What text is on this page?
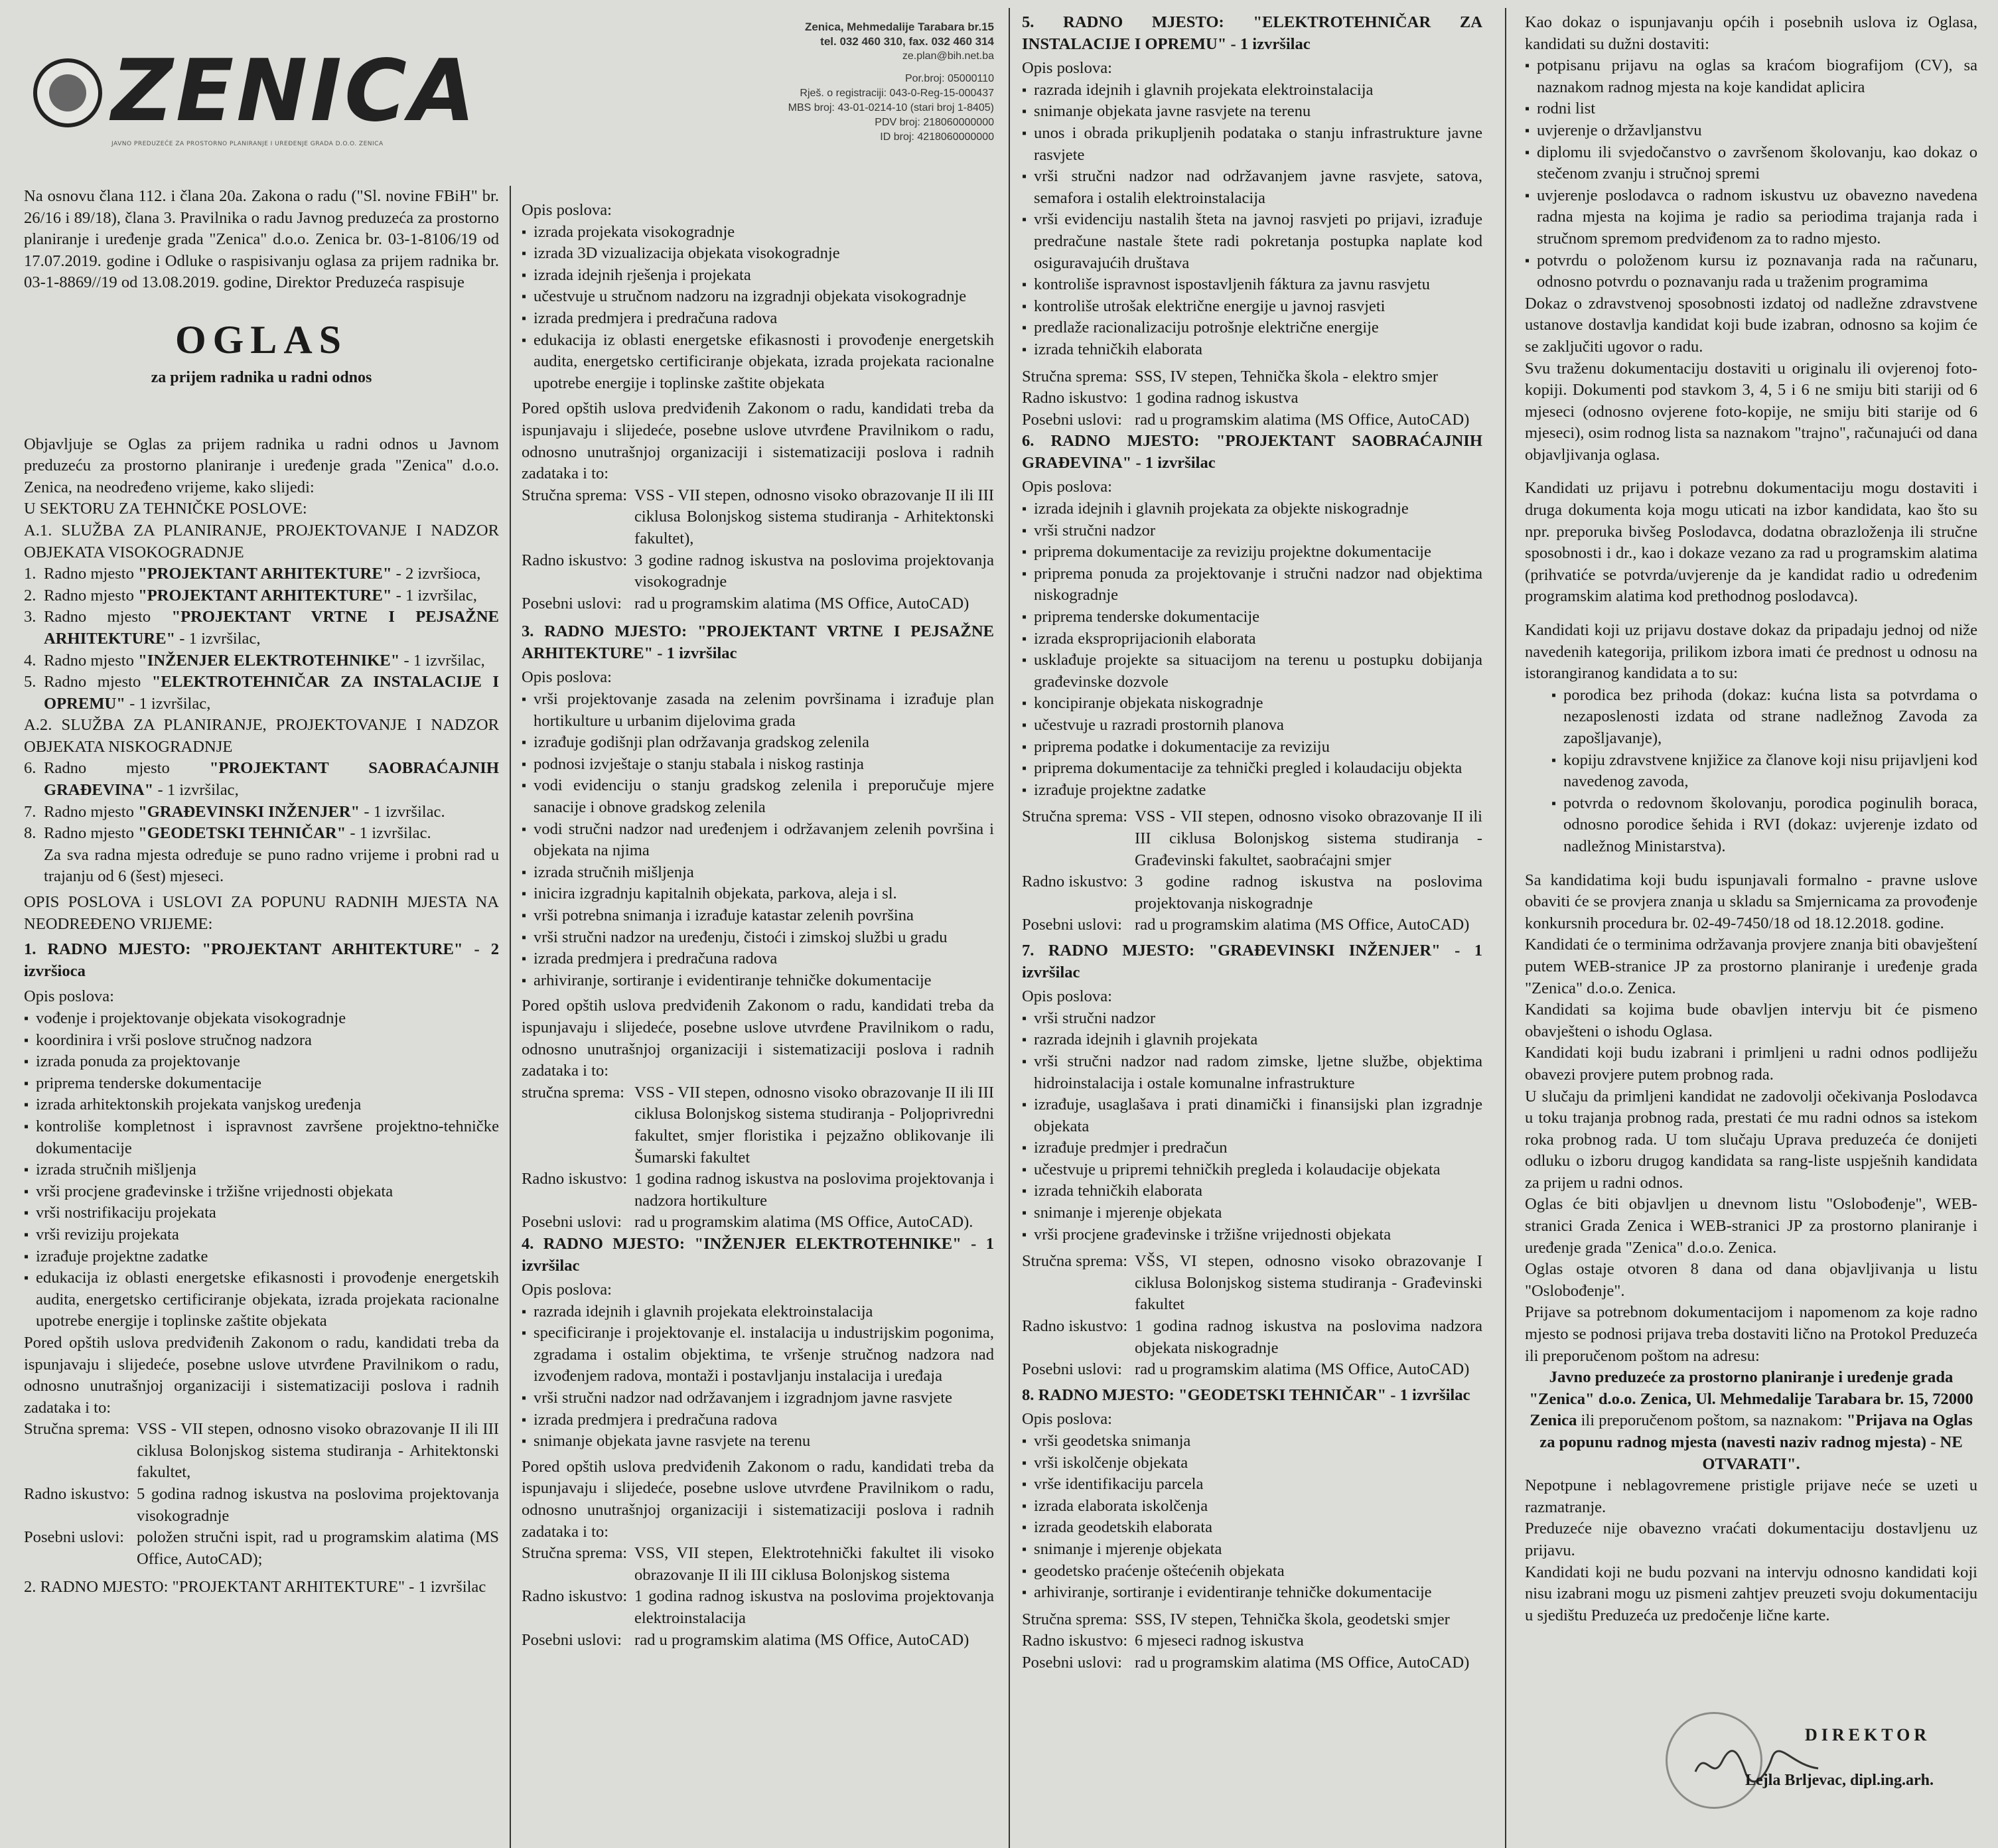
ZENICA
JAVNO PREDUZEĆE ZA PROSTORNO PLANIRANJE I UREĐENJE GRADA D.O.O. ZENICA
Zenica, Mehmedalije Tarabara br.15
tel. 032 460 310, fax. 032 460 314
ze.plan@bih.net.ba
Por.broj: 05000110
Rješ. o registraciji: 043-0-Reg-15-000437
MBS broj: 43-01-0214-10 (stari broj 1-8405)
PDV broj: 218060000000
ID broj: 4218060000000

Na osnovu člana 112. i člana 20a. Zakona o radu ("Sl. novine FBiH" br. 26/16 i 89/18), člana 3. Pravilnika o radu Javnog preduzeća za prostorno planiranje i uređenje grada "Zenica" d.o.o. Zenica br. 03-1-8106/19 od 17.07.2019. godine i Odluke o raspisivanju oglasa za prijem radnika br. 03-1-8869//19 od 13.08.2019. godine, Direktor Preduzeća raspisuje

OGLAS
za prijem radnika u radni odnos

Objavljuje se Oglas za prijem radnika u radni odnos u Javnom preduzeću za prostorno planiranje i uređenje grada "Zenica" d.o.o. Zenica, na neodređeno vrijeme, kako slijedi:

U SEKTORU ZA TEHNIČKE POSLOVE:

A.1. SLUŽBA ZA PLANIRANJE, PROJEKTOVANJE I NADZOR OBJEKATA VISOKOGRADNJE

1. Radno mjesto "PROJEKTANT ARHITEKTURE" - 2 izvršioca,
2. Radno mjesto "PROJEKTANT ARHITEKTURE" - 1 izvršilac,
3. Radno mjesto "PROJEKTANT VRTNE I PEJSAŽNE ARHITEKTURE" - 1 izvršilac,
4. Radno mjesto "INŽENJER ELEKTROTEHNIKE" - 1 izvršilac,
5. Radno mjesto "ELEKTROTEHNIČAR ZA INSTALACIJE I OPREMU" - 1 izvršilac,

A.2. SLUŽBA ZA PLANIRANJE, PROJEKTOVANJE I NADZOR OBJEKATA NISKOGRADNJE

6. Radno mjesto "PROJEKTANT SAOBRAĆAJNIH GRAĐEVINA" - 1 izvršilac,
7. Radno mjesto "GRAĐEVINSKI INŽENJER" - 1 izvršilac.
8. Radno mjesto "GEODETSKI TEHNIČAR" - 1 izvršilac.
Za sva radna mjesta određuje se puno radno vrijeme i probni rad u trajanju od 6 (šest) mjeseci.

OPIS POSLOVA i USLOVI ZA POPUNU RADNIH MJESTA NA NEODREĐENO VRIJEME:

1. RADNO MJESTO: "PROJEKTANT ARHITEKTURE" - 2 izvršioca

Opis poslova:

▪ vođenje i projektovanje objekata visokogradnje
▪ koordinira i vrši poslove stručnog nadzora
▪ izrada ponuda za projektovanje
▪ priprema tenderske dokumentacije
▪ izrada arhitektonskih projekata vanjskog uređenja
▪ kontroliše kompletnost i ispravnost završene projektno-tehničke dokumentacije
▪ izrada stručnih mišljenja
▪ vrši procjene građevinske i tržišne vrijednosti objekata
▪ vrši nostrifikaciju projekata
▪ vrši reviziju projekata
▪ izrađuje projektne zadatke
▪ edukacija iz oblasti energetske efikasnosti i provođenje energetskih audita, energetsko certificiranje objekata, izrada projekata racionalne upotrebe energije i toplinske zaštite objekata

Pored opštih uslova predviđenih Zakonom o radu, kandidati treba da ispunjavaju i slijedeće, posebne uslove utvrđene Pravilnikom o radu, odnosno unutrašnjoj organizaciji i sistematizaciji poslova i radnih zadataka i to:

Stručna sprema: VSS - VII stepen, odnosno visoko obrazovanje II ili III ciklusa Bolonjskog sistema studiranja - Arhitektonski fakultet,
Radno iskustvo: 5 godina radnog iskustva na poslovima projektovanja visokogradnje
Posebni uslovi: položen stručni ispit, rad u programskim alatima (MS Office, AutoCAD);

2. RADNO MJESTO: "PROJEKTANT ARHITEKTURE" - 1 izvršilac

Opis poslova:

▪ izrada projekata visokogradnje
▪ izrada 3D vizualizacija objekata visokogradnje
▪ izrada idejnih rješenja i projekata
▪ učestvuje u stručnom nadzoru na izgradnji objekata visokogradnje
▪ izrada predmjera i predračuna radova
▪ edukacija iz oblasti energetske efikasnosti i provođenje energetskih audita, energetsko certificiranje objekata, izrada projekata racionalne upotrebe energije i toplinske zaštite objekata

Pored opštih uslova predviđenih Zakonom o radu, kandidati treba da ispunjavaju i slijedeće, posebne uslove utvrđene Pravilnikom o radu, odnosno unutrašnjoj organizaciji i sistematizaciji poslova i radnih zadataka i to:

Stručna sprema: VSS - VII stepen, odnosno visoko obrazovanje II ili III ciklusa Bolonjskog sistema studiranja - Arhitektonski fakultet),
Radno iskustvo: 3 godine radnog iskustva na poslovima projektovanja visokogradnje
Posebni uslovi: rad u programskim alatima (MS Office, AutoCAD)

3. RADNO MJESTO: "PROJEKTANT VRTNE I PEJSAŽNE ARHITEKTURE" - 1 izvršilac

Opis poslova:

▪ vrši projektovanje zasada na zelenim površinama i izrađuje plan hortikulture u urbanim dijelovima grada
▪ izrađuje godišnji plan održavanja gradskog zelenila
▪ podnosi izvještaje o stanju stabala i niskog rastinja
▪ vodi evidenciju o stanju gradskog zelenila i preporučuje mjere sanacije i obnove gradskog zelenila
▪ vodi stručni nadzor nad uređenjem i održavanjem zelenih površina i objekata na njima
▪ izrada stručnih mišljenja
▪ inicira izgradnju kapitalnih objekata, parkova, aleja i sl.
▪ vrši potrebna snimanja i izrađuje katastar zelenih površina
▪ vrši stručni nadzor na uređenju, čistoći i zimskoj službi u gradu
▪ izrada predmjera i predračuna radova
▪ arhiviranje, sortiranje i evidentiranje tehničke dokumentacije

Pored opštih uslova predviđenih Zakonom o radu, kandidati treba da ispunjavaju i slijedeće, posebne uslove utvrđene Pravilnikom o radu, odnosno unutrašnjoj organizaciji i sistematizaciji poslova i radnih zadataka i to:

stručna sprema: VSS - VII stepen, odnosno visoko obrazovanje II ili III ciklusa Bolonjskog sistema studiranja - Poljoprivredni fakultet, smjer floristika i pejzažno oblikovanje ili Šumarski fakultet
Radno iskustvo: 1 godina radnog iskustva na poslovima projektovanja i nadzora hortikulture
Posebni uslovi: rad u programskim alatima (MS Office, AutoCAD).

4. RADNO MJESTO: "INŽENJER ELEKTROTEHNIKE" - 1 izvršilac

Opis poslova:

▪ razrada idejnih i glavnih projekata elektroinstalacija
▪ specificiranje i projektovanje el. instalacija u industrijskim pogonima, zgradama i ostalim objektima, te vršenje stručnog nadzora nad izvođenjem radova, montaži i postavljanju instalacija i uređaja
▪ vrši stručni nadzor nad održavanjem i izgradnjom javne rasvjete
▪ izrada predmjera i predračuna radova
▪ snimanje objekata javne rasvjete na terenu

Pored opštih uslova predviđenih Zakonom o radu, kandidati treba da ispunjavaju i slijedeće, posebne uslove utvrđene Pravilnikom o radu, odnosno unutrašnjoj organizaciji i sistematizaciji poslova i radnih zadataka i to:

Stručna sprema: VSS, VII stepen, Elektrotehnički fakultet ili visoko obrazovanje II ili III ciklusa Bolonjskog sistema
Radno iskustvo: 1 godina radnog iskustva na poslovima projektovanja elektroinstalacija
Posebni uslovi: rad u programskim alatima (MS Office, AutoCAD)

5. RADNO MJESTO: "ELEKTROTEHNIČAR ZA INSTALACIJE I OPREMU" - 1 izvršilac

Opis poslova:

▪ razrada idejnih i glavnih projekata elektroinstalacija
▪ snimanje objekata javne rasvjete na terenu
▪ unos i obrada prikupljenih podataka o stanju infrastrukture javne rasvjete
▪ vrši stručni nadzor nad održavanjem javne rasvjete, satova, semafora i ostalih elektroinstalacija
▪ vrši evidenciju nastalih šteta na javnoj rasvjeti po prijavi, izrađuje predračune nastale štete radi pokretanja postupka naplate kod osiguravajućih društava
▪ kontroliše ispravnost ispostavljenih fáktura za javnu rasvjetu
▪ kontroliše utrošak električne energije u javnoj rasvjeti
▪ predlaže racionalizaciju potrošnje električne energije
▪ izrada tehničkih elaborata
Stručna sprema: SSS, IV stepen, Tehnička škola - elektro smjer
Radno iskustvo: 1 godina radnog iskustva
Posebni uslovi: rad u programskim alatima (MS Office, AutoCAD)

6. RADNO MJESTO: "PROJEKTANT SAOBRAĆAJNIH GRAĐEVINA" - 1 izvršilac

Opis poslova:

▪ izrada idejnih i glavnih projekata za objekte niskogradnje
▪ vrši stručni nadzor
▪ priprema dokumentacije za reviziju projektne dokumentacije
▪ priprema ponuda za projektovanje i stručni nadzor nad objektima niskogradnje
▪ priprema tenderske dokumentacije
▪ izrada eksproprijacionih elaborata
▪ usklađuje projekte sa situacijom na terenu u postupku dobijanja građevinske dozvole
▪ koncipiranje objekata niskogradnje
▪ učestvuje u razradi prostornih planova
▪ priprema podatke i dokumentacije za reviziju
▪ priprema dokumentacije za tehnički pregled i kolaudaciju objekta
▪ izrađuje projektne zadatke
Stručna sprema: VSS - VII stepen, odnosno visoko obrazovanje II ili III ciklusa Bolonjskog sistema studiranja - Građevinski fakultet, saobraćajni smjer
Radno iskustvo: 3 godine radnog iskustva na poslovima projektovanja niskogradnje
Posebni uslovi: rad u programskim alatima (MS Office, AutoCAD)

7. RADNO MJESTO: "GRAĐEVINSKI INŽENJER" - 1 izvršilac

Opis poslova:

▪ vrši stručni nadzor
▪ razrada idejnih i glavnih projekata
▪ vrši stručni nadzor nad radom zimske, ljetne službe, objektima hidroinstalacija i ostale komunalne infrastrukture
▪ izrađuje, usaglašava i prati dinamički i finansijski plan izgradnje objekata
▪ izrađuje predmjer i predračun
▪ učestvuje u pripremi tehničkih pregleda i kolaudacije objekata
▪ izrada tehničkih elaborata
▪ snimanje i mjerenje objekata
▪ vrši procjene građevinske i tržišne vrijednosti objekata
Stručna sprema: VŠS, VI stepen, odnosno visoko obrazovanje I ciklusa Bolonjskog sistema studiranja - Građevinski fakultet
Radno iskustvo: 1 godina radnog iskustva na poslovima nadzora objekata niskogradnje
Posebni uslovi: rad u programskim alatima (MS Office, AutoCAD)

8. RADNO MJESTO: "GEODETSKI TEHNIČAR" - 1 izvršilac

Opis poslova:

▪ vrši geodetska snimanja
▪ vrši iskolčenje objekata
▪ vrše identifikaciju parcela
▪ izrada elaborata iskolčenja
▪ izrada geodetskih elaborata
▪ snimanje i mjerenje objekata
▪ geodetsko praćenje oštećenih objekata
▪ arhiviranje, sortiranje i evidentiranje tehničke dokumentacije
Stručna sprema: SSS, IV stepen, Tehnička škola, geodetski smjer
Radno iskustvo: 6 mjeseci radnog iskustva
Posebni uslovi: rad u programskim alatima (MS Office, AutoCAD)

Kao dokaz o ispunjavanju općih i posebnih uslova iz Oglasa, kandidati su dužni dostaviti:

▪ potpisanu prijavu na oglas sa kraćom biografijom (CV), sa naznakom radnog mjesta na koje kandidat aplicira
▪ rodni list
▪ uvjerenje o državljanstvu
▪ diplomu ili svjedočanstvo o završenom školovanju, kao dokaz o stečenom zvanju i stručnoj spremi
▪ uvjerenje poslodavca o radnom iskustvu uz obavezno navedena radna mjesta na kojima je radio sa periodima trajanja rada i stručnom spremom predviđenom za to radno mjesto.
▪ potvrdu o položenom kursu iz poznavanja rada na računaru, odnosno potvrdu o poznavanju rada u traženim programima

Dokaz o zdravstvenoj sposobnosti izdatoj od nadležne zdravstvene ustanove dostavlja kandidat koji bude izabran, odnosno sa kojim će se zaključiti ugovor o radu.

Svu traženu dokumentaciju dostaviti u originalu ili ovjerenoj foto-kopiji. Dokumenti pod stavkom 3, 4, 5 i 6 ne smiju biti stariji od 6 mjeseci (odnosno ovjerene foto-kopije, ne smiju biti starije od 6 mjeseci), osim rodnog lista sa naznakom "trajno", računajući od dana objavljivanja oglasa.

Kandidati uz prijavu i potrebnu dokumentaciju mogu dostaviti i druga dokumenta koja mogu uticati na izbor kandidata, kao što su npr. preporuka bivšeg Poslodavca, dodatna obrazloženja ili stručne sposobnosti i dr., kao i dokaze vezano za rad u programskim alatima (prihvatiće se potvrda/uvjerenje da je kandidat radio u određenim programskim alatima kod prethodnog poslodavca).

Kandidati koji uz prijavu dostave dokaz da pripadaju jednoj od niže navedenih kategorija, prilikom izbora imati će prednost u odnosu na istorangiranog kandidata a to su:

▪ porodica bez prihoda (dokaz: kućna lista sa potvrdama o nezaposlenosti izdata od strane nadležnog Zavoda za zapošljavanje),
▪ kopiju zdravstvene knjižice za članove koji nisu prijavljeni kod navedenog zavoda,
▪ potvrda o redovnom školovanju, porodica poginulih boraca, odnosno porodice šehida i RVI (dokaz: uvjerenje izdato od nadležnog Ministarstva).

Sa kandidatima koji budu ispunjavali formalno - pravne uslove obaviti će se provjera znanja u skladu sa Smjernicama za provođenje konkursnih procedura br. 02-49-7450/18 od 18.12.2018. godine.

Kandidati će o terminima održavanja provjere znanja biti obavještení putem WEB-stranice JP za prostorno planiranje i uređenje grada "Zenica" d.o.o. Zenica.

Kandidati sa kojima bude obavljen intervju bit će pismeno obavješteni o ishodu Oglasa.

Kandidati koji budu izabrani i primljeni u radni odnos podliježu obavezi provjere putem probnog rada.

U slučaju da primljeni kandidat ne zadovolji očekivanja Poslodavca u toku trajanja probnog rada, prestati će mu radni odnos sa istekom roka probnog rada. U tom slučaju Uprava preduzeća će donijeti odluku o izboru drugog kandidata sa rang-liste uspješnih kandidata za prijem u radni odnos.

Oglas će biti objavljen u dnevnom listu "Oslobođenje", WEB-stranici Grada Zenica i WEB-stranici JP za prostorno planiranje i uređenje grada "Zenica" d.o.o. Zenica.

Oglas ostaje otvoren 8 dana od dana objavljivanja u listu "Oslobođenje".

Prijave sa potrebnom dokumentacijom i napomenom za koje radno mjesto se podnosi prijava treba dostaviti lično na Protokol Preduzeća ili preporučenom poštom na adresu:

Javno preduzeće za prostorno planiranje i uređenje grada "Zenica" d.o.o. Zenica, Ul. Mehmedalije Tarabara br. 15, 72000 Zenica ili preporučenom poštom, sa naznakom: "Prijava na Oglas za popunu radnog mjesta (navesti naziv radnog mjesta) - NE OTVARATI".

Nepotpune i neblagovremene pristigle prijave neće se uzeti u razmatranje.

Preduzeće nije obavezno vraćati dokumentaciju dostavljenu uz prijavu.

Kandidati koji ne budu pozvani na intervju odnosno kandidati koji nisu izabrani mogu uz pismeni zahtjev preuzeti svoju dokumentaciju u sjedištu Preduzeća uz predočenje lične karte.

DIREKTOR
Lejla Brljevac, dipl.ing.arh.
